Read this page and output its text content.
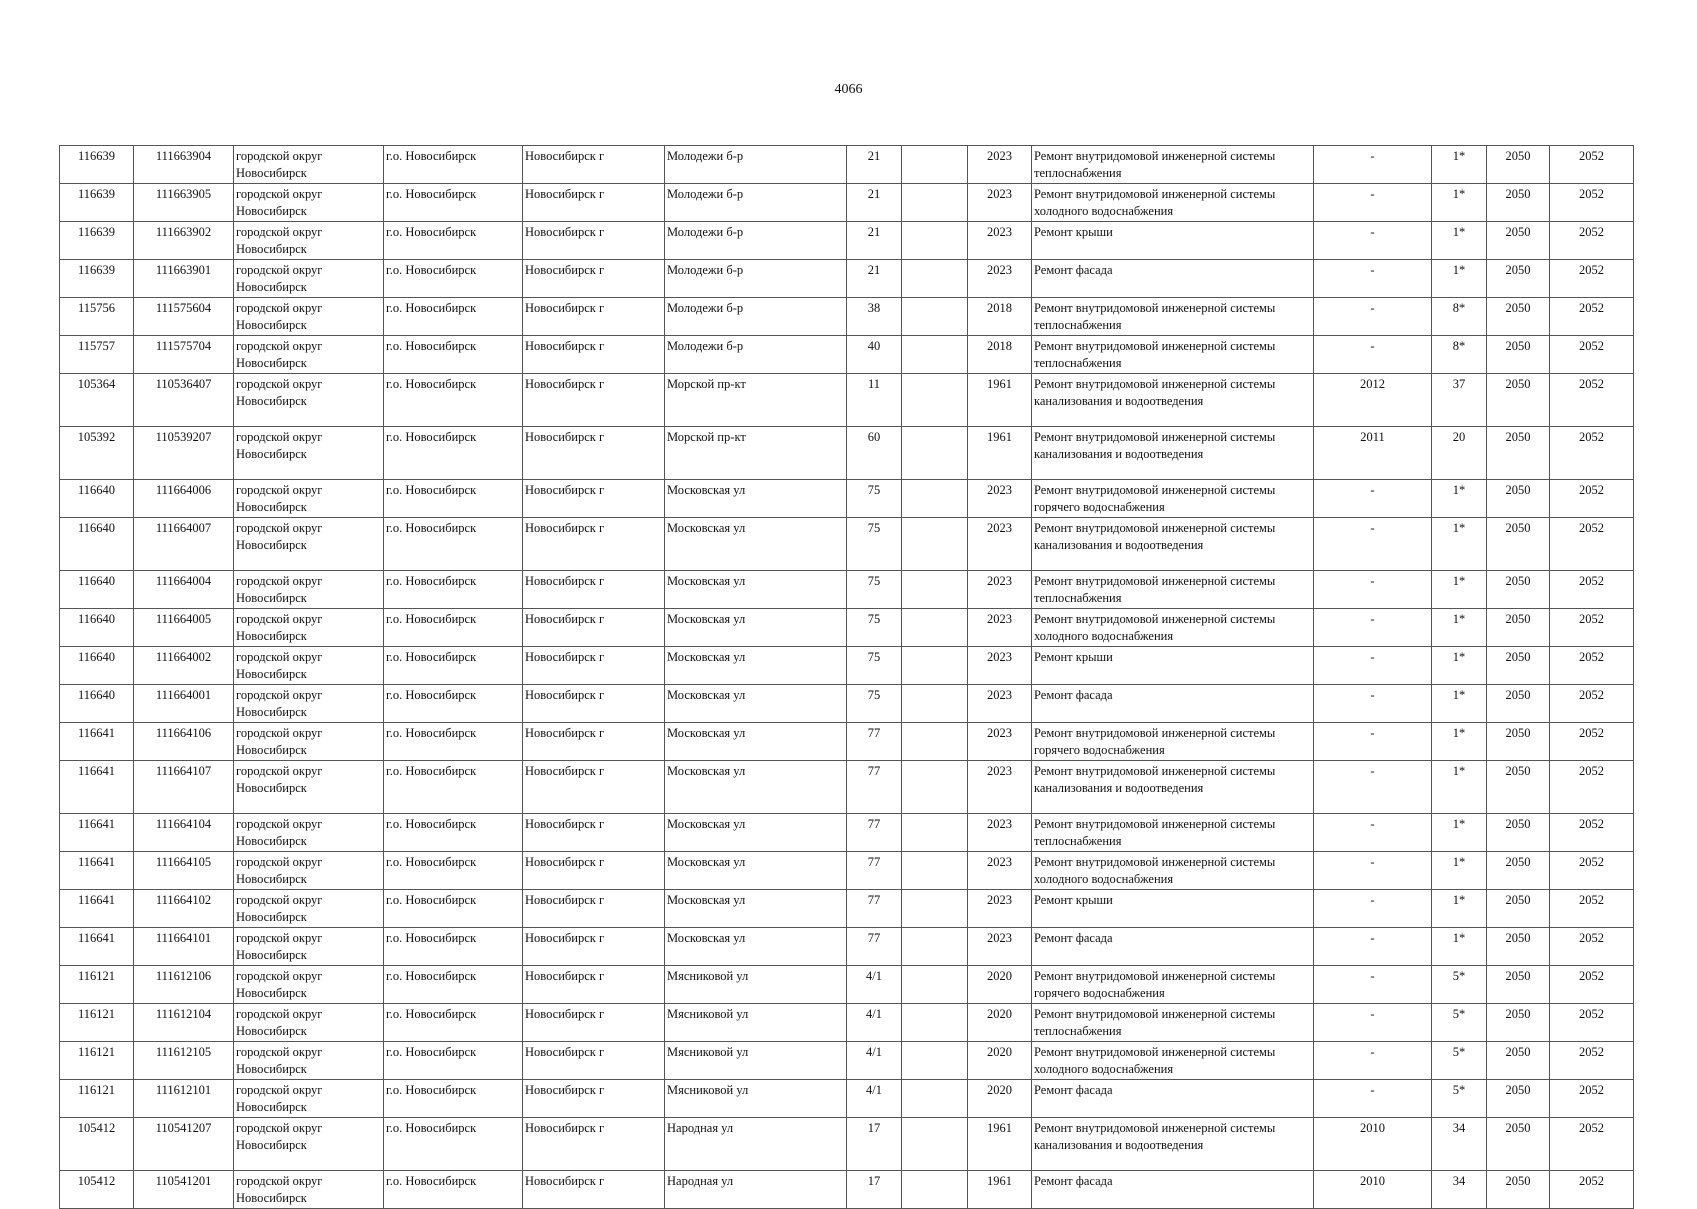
4066
116639	111663904	городской округ Новосибирск	г.о. Новосибирск	Новосибирск г	Молодежи б-р	21		2023	Ремонт внутридомовой инженерной системы теплоснабжения	-	1*	2050	2052
116639	111663905	городской округ Новосибирск	г.о. Новосибирск	Новосибирск г	Молодежи б-р	21		2023	Ремонт внутридомовой инженерной системы холодного водоснабжения	-	1*	2050	2052
116639	111663902	городской округ Новосибирск	г.о. Новосибирск	Новосибирск г	Молодежи б-р	21		2023	Ремонт крыши	-	1*	2050	2052
116639	111663901	городской округ Новосибирск	г.о. Новосибирск	Новосибирск г	Молодежи б-р	21		2023	Ремонт фасада	-	1*	2050	2052
115756	111575604	городской округ Новосибирск	г.о. Новосибирск	Новосибирск г	Молодежи б-р	38		2018	Ремонт внутридомовой инженерной системы теплоснабжения	-	8*	2050	2052
115757	111575704	городской округ Новосибирск	г.о. Новосибирск	Новосибирск г	Молодежи б-р	40		2018	Ремонт внутридомовой инженерной системы теплоснабжения	-	8*	2050	2052
105364	110536407	городской округ Новосибирск	г.о. Новосибирск	Новосибирск г	Морской пр-кт	11		1961	Ремонт внутридомовой инженерной системы канализования и водоотведения	2012	37	2050	2052
105392	110539207	городской округ Новосибирск	г.о. Новосибирск	Новосибирск г	Морской пр-кт	60		1961	Ремонт внутридомовой инженерной системы канализования и водоотведения	2011	20	2050	2052
116640	111664006	городской округ Новосибирск	г.о. Новосибирск	Новосибирск г	Московская ул	75		2023	Ремонт внутридомовой инженерной системы горячего водоснабжения	-	1*	2050	2052
116640	111664007	городской округ Новосибирск	г.о. Новосибирск	Новосибирск г	Московская ул	75		2023	Ремонт внутридомовой инженерной системы канализования и водоотведения	-	1*	2050	2052
116640	111664004	городской округ Новосибирск	г.о. Новосибирск	Новосибирск г	Московская ул	75		2023	Ремонт внутридомовой инженерной системы теплоснабжения	-	1*	2050	2052
116640	111664005	городской округ Новосибирск	г.о. Новосибирск	Новосибирск г	Московская ул	75		2023	Ремонт внутридомовой инженерной системы холодного водоснабжения	-	1*	2050	2052
116640	111664002	городской округ Новосибирск	г.о. Новосибирск	Новосибирск г	Московская ул	75		2023	Ремонт крыши	-	1*	2050	2052
116640	111664001	городской округ Новосибирск	г.о. Новосибирск	Новосибирск г	Московская ул	75		2023	Ремонт фасада	-	1*	2050	2052
116641	111664106	городской округ Новосибирск	г.о. Новосибирск	Новосибирск г	Московская ул	77		2023	Ремонт внутридомовой инженерной системы горячего водоснабжения	-	1*	2050	2052
116641	111664107	городской округ Новосибирск	г.о. Новосибирск	Новосибирск г	Московская ул	77		2023	Ремонт внутридомовой инженерной системы канализования и водоотведения	-	1*	2050	2052
116641	111664104	городской округ Новосибирск	г.о. Новосибирск	Новосибирск г	Московская ул	77		2023	Ремонт внутридомовой инженерной системы теплоснабжения	-	1*	2050	2052
116641	111664105	городской округ Новосибирск	г.о. Новосибирск	Новосибирск г	Московская ул	77		2023	Ремонт внутридомовой инженерной системы холодного водоснабжения	-	1*	2050	2052
116641	111664102	городской округ Новосибирск	г.о. Новосибирск	Новосибирск г	Московская ул	77		2023	Ремонт крыши	-	1*	2050	2052
116641	111664101	городской округ Новосибирск	г.о. Новосибирск	Новосибирск г	Московская ул	77		2023	Ремонт фасада	-	1*	2050	2052
116121	111612106	городской округ Новосибирск	г.о. Новосибирск	Новосибирск г	Мясниковой ул	4/1		2020	Ремонт внутридомовой инженерной системы горячего водоснабжения	-	5*	2050	2052
116121	111612104	городской округ Новосибирск	г.о. Новосибирск	Новосибирск г	Мясниковой ул	4/1		2020	Ремонт внутридомовой инженерной системы теплоснабжения	-	5*	2050	2052
116121	111612105	городской округ Новосибирск	г.о. Новосибирск	Новосибирск г	Мясниковой ул	4/1		2020	Ремонт внутридомовой инженерной системы холодного водоснабжения	-	5*	2050	2052
116121	111612101	городской округ Новосибирск	г.о. Новосибирск	Новосибирск г	Мясниковой ул	4/1		2020	Ремонт фасада	-	5*	2050	2052
105412	110541207	городской округ Новосибирск	г.о. Новосибирск	Новосибирск г	Народная ул	17		1961	Ремонт внутридомовой инженерной системы канализования и водоотведения	2010	34	2050	2052
105412	110541201	городской округ Новосибирск	г.о. Новосибирск	Новосибирск г	Народная ул	17		1961	Ремонт фасада	2010	34	2050	2052
